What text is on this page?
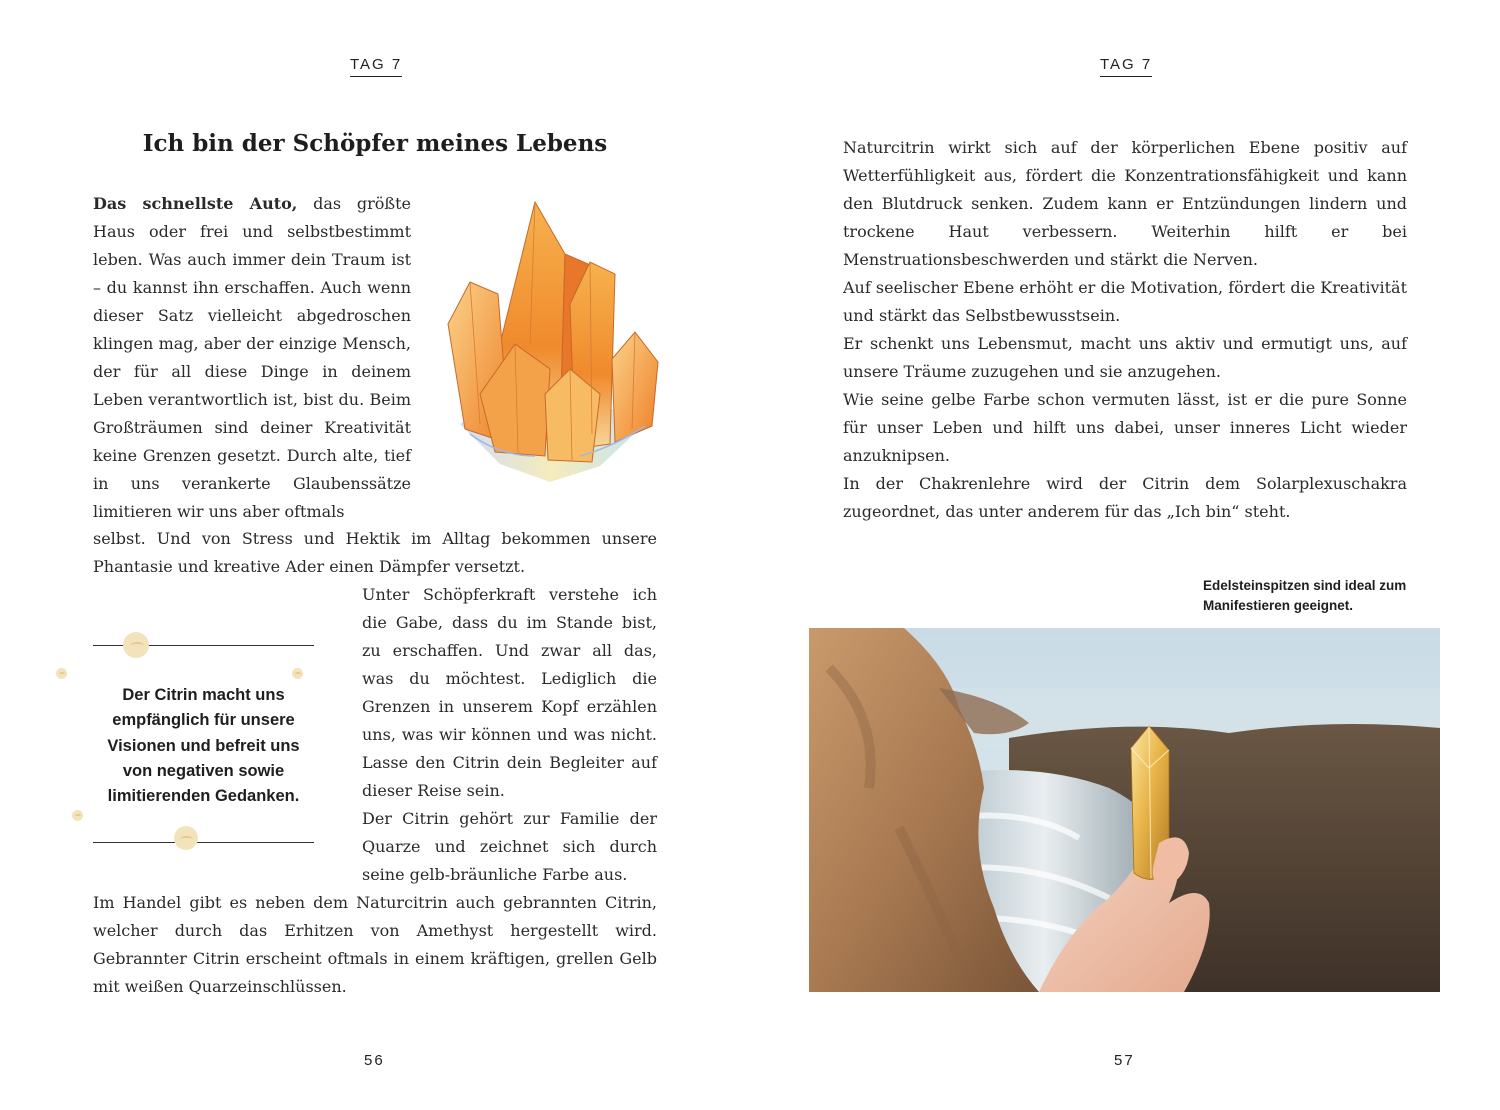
TAG 7
Ich bin der Schöpfer meines Lebens

Das schnellste Auto, das größte Haus oder frei und selbstbestimmt leben. Was auch immer dein Traum ist – du kannst ihn erschaffen. Auch wenn dieser Satz vielleicht abgedroschen klingen mag, aber der einzige Mensch, der für all diese Dinge in deinem Leben verantwortlich ist, bist du. Beim Großträumen sind deiner Kreativität keine Grenzen gesetzt. Durch alte, tief in uns verankerte Glaubenssätze limitieren wir uns aber oftmals

selbst. Und von Stress und Hektik im Alltag bekommen unsere Phantasie und kreative Ader einen Dämpfer versetzt.

Der Citrin macht uns empfänglich für unsere Visionen und befreit uns von negativen sowie limitierenden Gedanken.

Unter Schöpferkraft verstehe ich die Gabe, dass du im Stande bist, zu erschaffen. Und zwar all das, was du möchtest. Lediglich die Grenzen in unserem Kopf erzählen uns, was wir können und was nicht. Lasse den Citrin dein Begleiter auf dieser Reise sein.

Der Citrin gehört zur Familie der Quarze und zeichnet sich durch seine gelb-bräunliche Farbe aus.

Im Handel gibt es neben dem Naturcitrin auch gebrannten Citrin, welcher durch das Erhitzen von Amethyst hergestellt wird. Gebrannter Citrin erscheint oftmals in einem kräftigen, grellen Gelb mit weißen Quarzeinschlüssen.

56
TAG 7

Naturcitrin wirkt sich auf der körperlichen Ebene positiv auf Wetterfühligkeit aus, fördert die Konzentrationsfähigkeit und kann den Blutdruck senken. Zudem kann er Entzündungen lindern und trockene Haut verbessern. Weiterhin hilft er bei Menstruationsbeschwerden und stärkt die Nerven.

Auf seelischer Ebene erhöht er die Motivation, fördert die Kreativität und stärkt das Selbstbewusstsein.

Er schenkt uns Lebensmut, macht uns aktiv und ermutigt uns, auf unsere Träume zuzugehen und sie anzugehen.

Wie seine gelbe Farbe schon vermuten lässt, ist er die pure Sonne für unser Leben und hilft uns dabei, unser inneres Licht wieder anzuknipsen.

In der Chakrenlehre wird der Citrin dem Solarplexuschakra zugeordnet, das unter anderem für das „Ich bin“ steht.

Edelsteinspitzen sind ideal zum Manifestieren geeignet.

57
